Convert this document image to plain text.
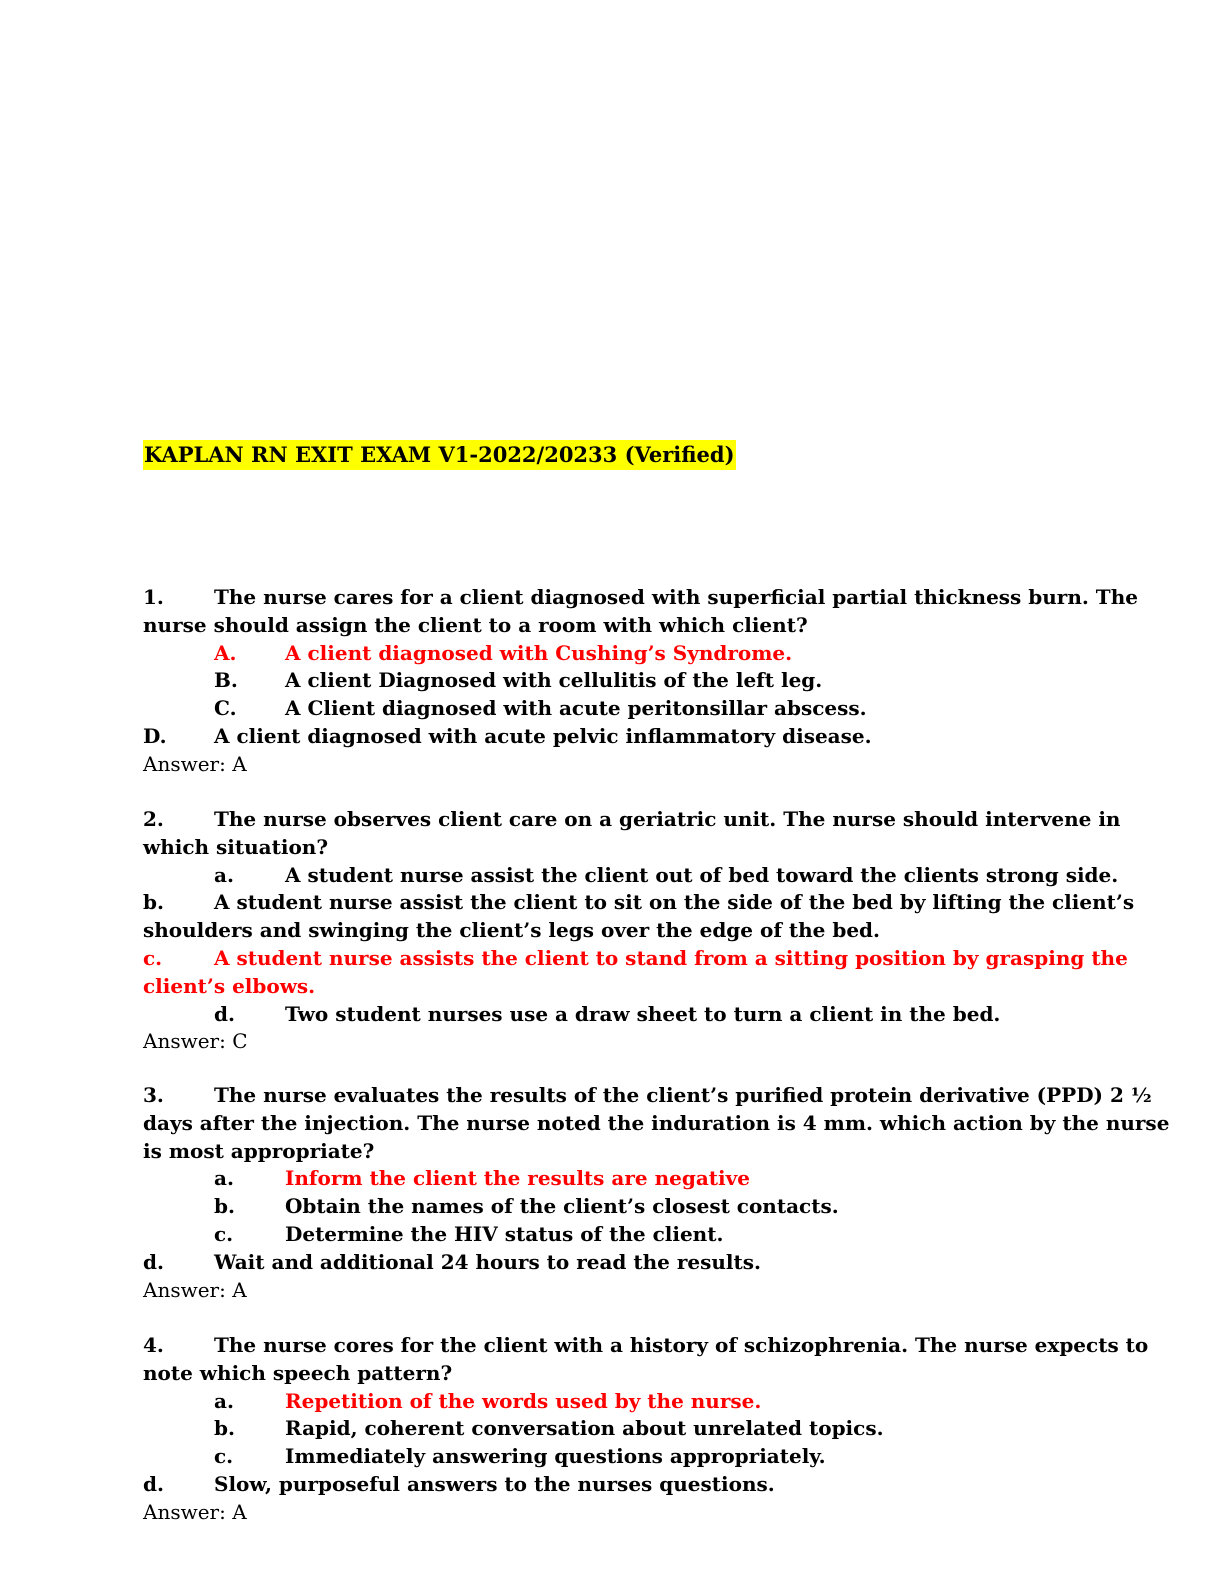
KAPLAN RN EXIT EXAM V1-2022/20233 (Verified)
1.	The nurse cares for a client diagnosed with superficial partial thickness burn. The
nurse should assign the client to a room with which client?
A. A client diagnosed with Cushing’s Syndrome.
B. A client Diagnosed with cellulitis of the left leg.
C. A Client diagnosed with acute peritonsillar abscess.
D. A client diagnosed with acute pelvic inflammatory disease.
Answer: A
2.	The nurse observes client care on a geriatric unit. The nurse should intervene in
which situation?
a.	A student nurse assist the client out of bed toward the clients strong side.
b.	A student nurse assist the client to sit on the side of the bed by lifting the client’s
shoulders and swinging the client’s legs over the edge of the bed.
c.	A student nurse assists the client to stand from a sitting position by grasping the
client’s elbows.
d.	Two student nurses use a draw sheet to turn a client in the bed.
Answer: C
3.	The nurse evaluates the results of the client’s purified protein derivative (PPD) 2 ½
days after the injection. The nurse noted the induration is 4 mm. which action by the nurse
is most appropriate?
a.	Inform the client the results are negative
b.	Obtain the names of the client’s closest contacts.
c.	Determine the HIV status of the client.
d.	Wait and additional 24 hours to read the results.
Answer: A
4.	The nurse cores for the client with a history of schizophrenia. The nurse expects to
note which speech pattern?
a.	Repetition of the words used by the nurse.
b.	Rapid, coherent conversation about unrelated topics.
c.	Immediately answering questions appropriately.
d.	Slow, purposeful answers to the nurses questions.
Answer: A
